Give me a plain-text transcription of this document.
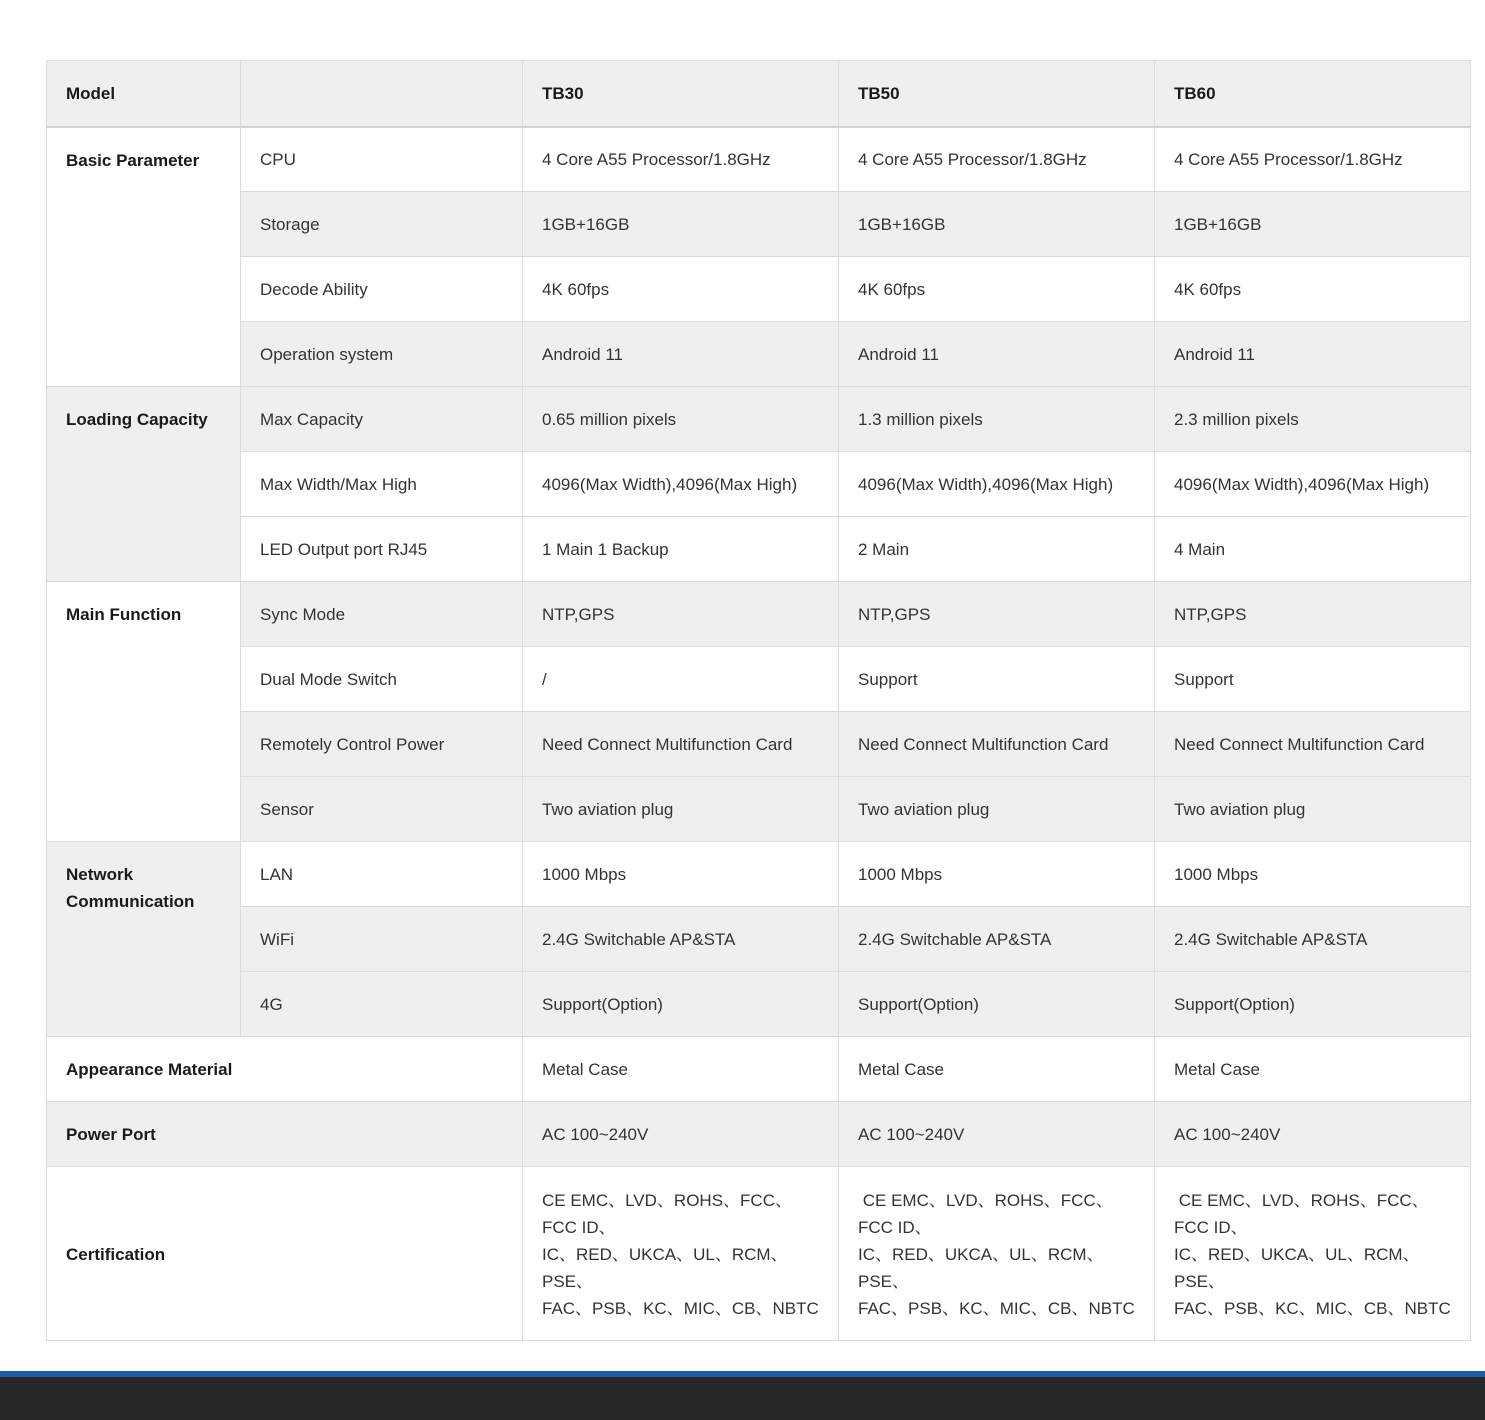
Model		TB30	TB50	TB60
Basic Parameter	CPU	4 Core A55 Processor/1.8GHz	4 Core A55 Processor/1.8GHz	4 Core A55 Processor/1.8GHz
	Storage	1GB+16GB	1GB+16GB	1GB+16GB
	Decode Ability	4K 60fps	4K 60fps	4K 60fps
	Operation system	Android 11	Android 11	Android 11
Loading Capacity	Max Capacity	0.65 million pixels	1.3 million pixels	2.3 million pixels
	Max Width/Max High	4096(Max Width),4096(Max High)	4096(Max Width),4096(Max High)	4096(Max Width),4096(Max High)
	LED Output port RJ45	1 Main 1 Backup	2 Main	4 Main
Main Function	Sync Mode	NTP,GPS	NTP,GPS	NTP,GPS
	Dual Mode Switch	/	Support	Support
	Remotely Control Power	Need Connect Multifunction Card	Need Connect Multifunction Card	Need Connect Multifunction Card
	Sensor	Two aviation plug	Two aviation plug	Two aviation plug
Network Communication	LAN	1000 Mbps	1000 Mbps	1000 Mbps
	WiFi	2.4G Switchable AP&STA	2.4G Switchable AP&STA	2.4G Switchable AP&STA
	4G	Support(Option)	Support(Option)	Support(Option)
Appearance Material		Metal Case	Metal Case	Metal Case
Power Port		AC 100~240V	AC 100~240V	AC 100~240V
Certification		CE EMC、LVD、ROHS、FCC、FCC ID、
IC、RED、UKCA、UL、RCM、PSE、
FAC、PSB、KC、MIC、CB、NBTC	CE EMC、LVD、ROHS、FCC、FCC ID、
IC、RED、UKCA、UL、RCM、PSE、
FAC、PSB、KC、MIC、CB、NBTC	CE EMC、LVD、ROHS、FCC、FCC ID、
IC、RED、UKCA、UL、RCM、PSE、
FAC、PSB、KC、MIC、CB、NBTC
